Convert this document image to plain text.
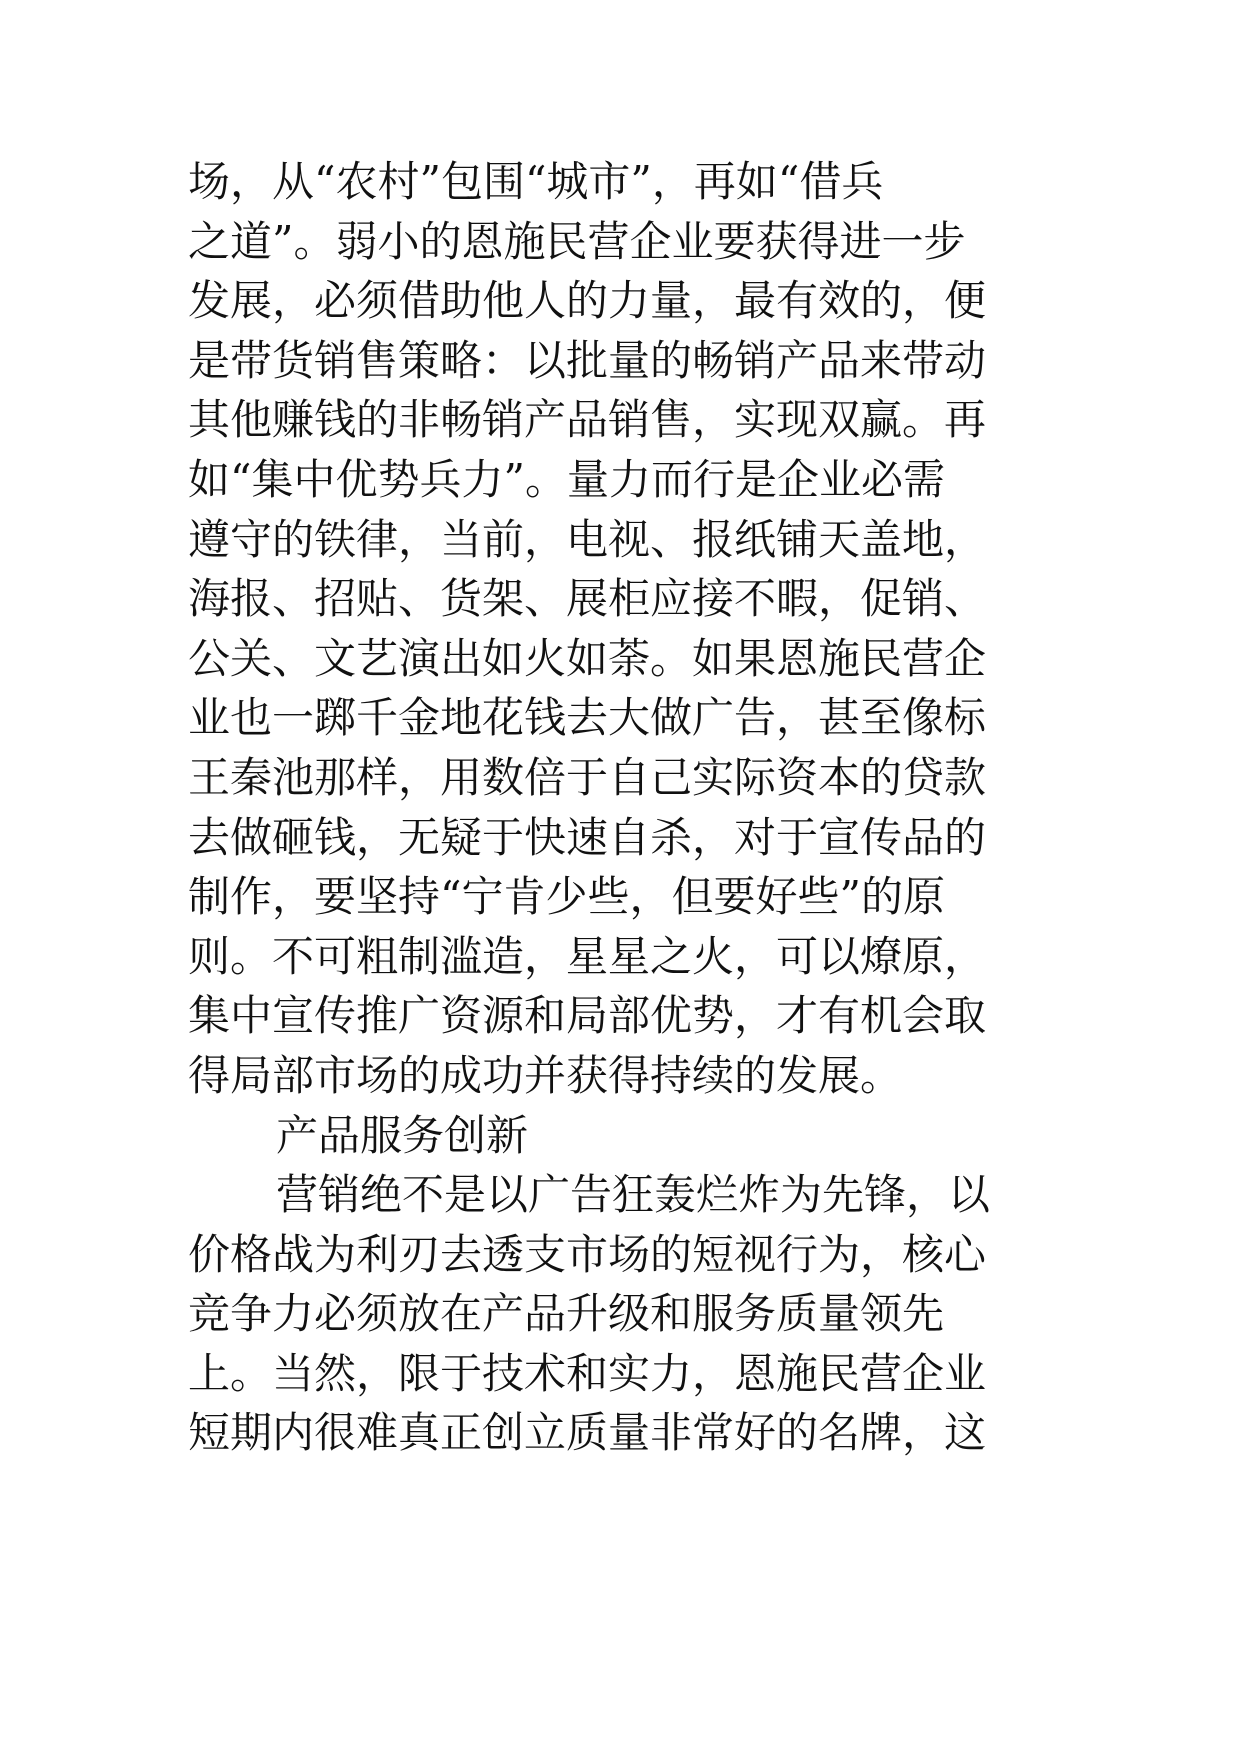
场，从“农村”包围“城市”，再如“借兵
之道”。弱小的恩施民营企业要获得进一步
发展，必须借助他人的力量，最有效的，便
是带货销售策略：以批量的畅销产品来带动
其他赚钱的非畅销产品销售，实现双赢。再
如“集中优势兵力”。量力而行是企业必需
遵守的铁律，当前，电视、报纸铺天盖地，
海报、招贴、货架、展柜应接不暇，促销、
公关、文艺演出如火如荼。如果恩施民营企
业也一踯千金地花钱去大做广告，甚至像标
王秦池那样，用数倍于自己实际资本的贷款
去做砸钱，无疑于快速自杀，对于宣传品的
制作，要坚持“宁肯少些，但要好些”的原
则。不可粗制滥造，星星之火，可以燎原，
集中宣传推广资源和局部优势，才有机会取
得局部市场的成功并获得持续的发展。
产品服务创新
营销绝不是以广告狂轰烂炸为先锋，以
价格战为利刃去透支市场的短视行为，核心
竞争力必须放在产品升级和服务质量领先
上。当然，限于技术和实力，恩施民营企业
短期内很难真正创立质量非常好的名牌，这
